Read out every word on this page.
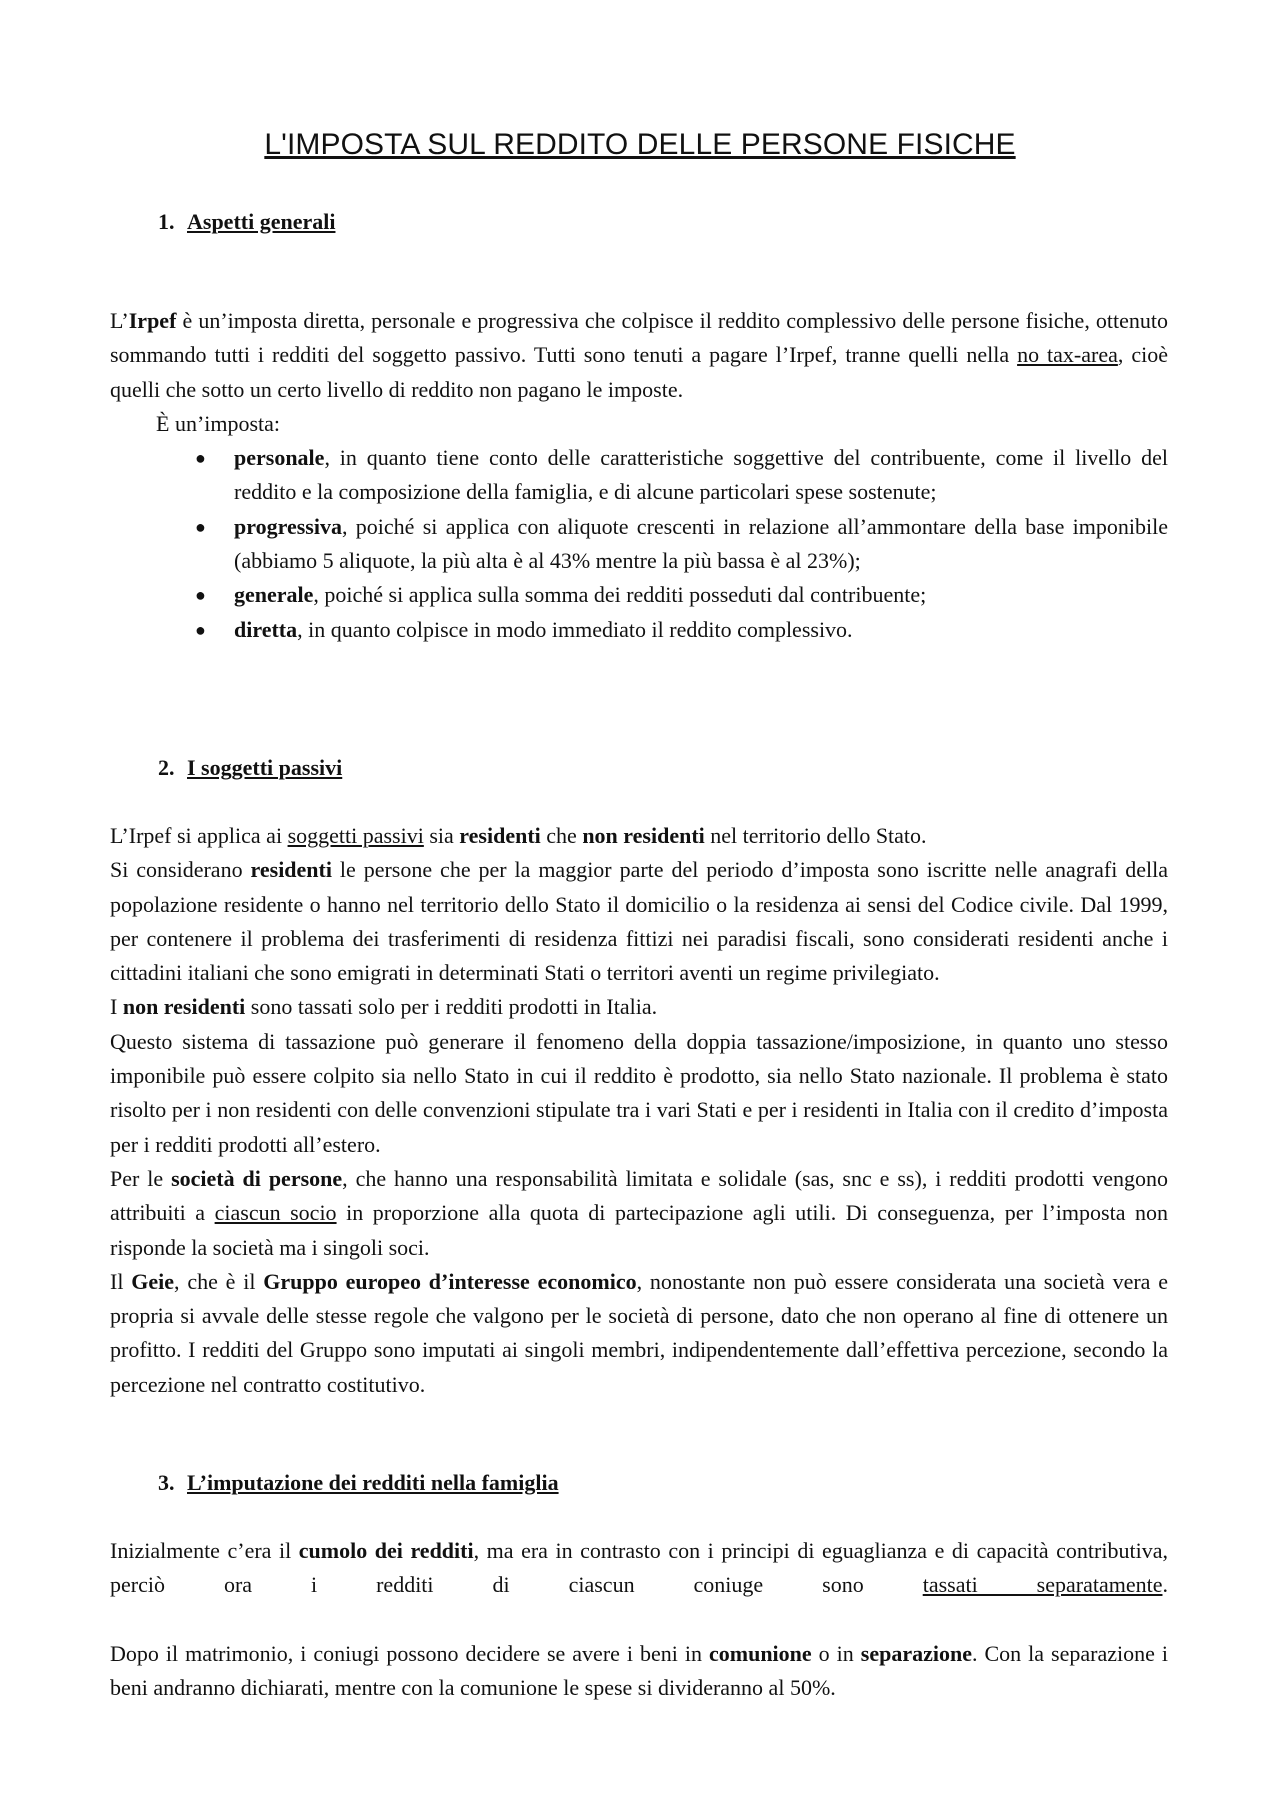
L'IMPOSTA SUL REDDITO DELLE PERSONE FISICHE
1. Aspetti generali

L’Irpef è un’imposta diretta, personale e progressiva che colpisce il reddito complessivo delle persone fisiche, ottenuto sommando tutti i redditi del soggetto passivo. Tutti sono tenuti a pagare l’Irpef, tranne quelli nella no tax-area, cioè quelli che sotto un certo livello di reddito non pagano le imposte.

È un’imposta:

● personale, in quanto tiene conto delle caratteristiche soggettive del contribuente, come il livello del reddito e la composizione della famiglia, e di alcune particolari spese sostenute;
● progressiva, poiché si applica con aliquote crescenti in relazione all’ammontare della base imponibile (abbiamo 5 aliquote, la più alta è al 43% mentre la più bassa è al 23%);
● generale, poiché si applica sulla somma dei redditi posseduti dal contribuente;
● diretta, in quanto colpisce in modo immediato il reddito complessivo.
2. I soggetti passivi

L’Irpef si applica ai soggetti passivi sia residenti che non residenti nel territorio dello Stato.

Si considerano residenti le persone che per la maggior parte del periodo d’imposta sono iscritte nelle anagrafi della popolazione residente o hanno nel territorio dello Stato il domicilio o la residenza ai sensi del Codice civile. Dal 1999, per contenere il problema dei trasferimenti di residenza fittizi nei paradisi fiscali, sono considerati residenti anche i cittadini italiani che sono emigrati in determinati Stati o territori aventi un regime privilegiato.

I non residenti sono tassati solo per i redditi prodotti in Italia.

Questo sistema di tassazione può generare il fenomeno della doppia tassazione/imposizione, in quanto uno stesso imponibile può essere colpito sia nello Stato in cui il reddito è prodotto, sia nello Stato nazionale. Il problema è stato risolto per i non residenti con delle convenzioni stipulate tra i vari Stati e per i residenti in Italia con il credito d’imposta per i redditi prodotti all’estero.

Per le società di persone, che hanno una responsabilità limitata e solidale (sas, snc e ss), i redditi prodotti vengono attribuiti a ciascun socio in proporzione alla quota di partecipazione agli utili. Di conseguenza, per l’imposta non risponde la società ma i singoli soci.

Il Geie, che è il Gruppo europeo d’interesse economico, nonostante non può essere considerata una società vera e propria si avvale delle stesse regole che valgono per le società di persone, dato che non operano al fine di ottenere un profitto. I redditi del Gruppo sono imputati ai singoli membri, indipendentemente dall’effettiva percezione, secondo la percezione nel contratto costitutivo.

3. L’imputazione dei redditi nella famiglia

Inizialmente c’era il cumolo dei redditi, ma era in contrasto con i principi di eguaglianza e di capacità contributiva, perciò ora i redditi di ciascun coniuge sono tassati separatamente.

Dopo il matrimonio, i coniugi possono decidere se avere i beni in comunione o in separazione. Con la separazione i beni andranno dichiarati, mentre con la comunione le spese si divideranno al 50%.
